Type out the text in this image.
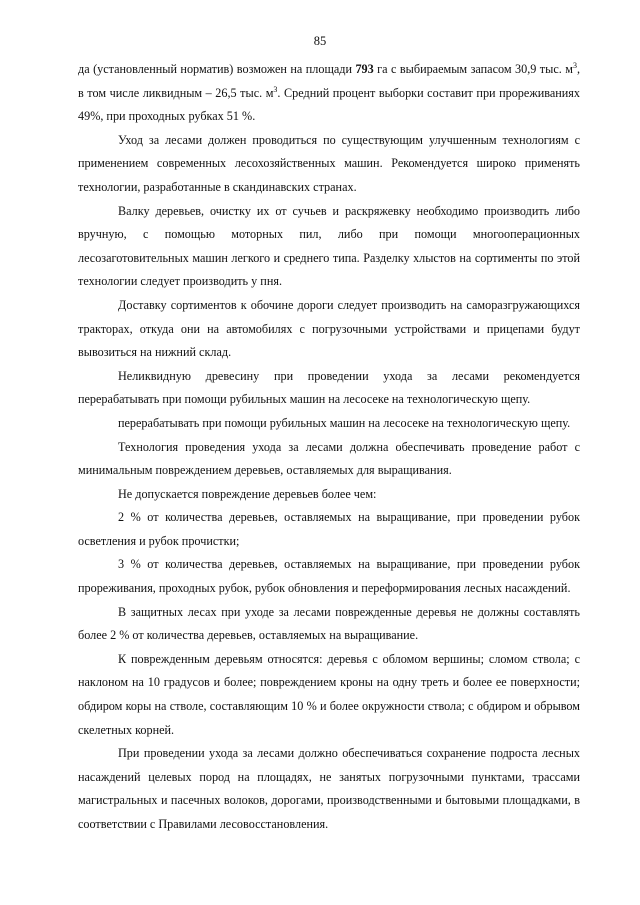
85

да (установленный норматив) возможен на площади 793 га с выбираемым запасом 30,9 тыс. $м^3$, в том числе ликвидным – 26,5 тыс. $м^3$. Средний процент выборки составит при прореживаниях 49%, при проходных рубках 51 %.

Уход за лесами должен проводиться по существующим улучшенным технологиям с применением современных лесохозяйственных машин. Рекомендуется широко применять технологии, разработанные в скандинавских странах.

Валку деревьев, очистку их от сучьев и раскряжевку необходимо производить либо вручную, с помощью моторных пил, либо при помощи многооперационных лесозаготовительных машин легкого и среднего типа. Разделку хлыстов на сортименты по этой технологии следует производить у пня.

Доставку сортиментов к обочине дороги следует производить на саморазгружающихся тракторах, откуда они на автомобилях с погрузочными устройствами и прицепами будут вывозиться на нижний склад.

Неликвидную древесину при проведении ухода за лесами рекомендуется перерабатывать при помощи рубильных машин на лесосеке на технологическую щепу.

перерабатывать при помощи рубильных машин на лесосеке на технологическую щепу.

Технология проведения ухода за лесами должна обеспечивать проведение работ с минимальным повреждением деревьев, оставляемых для выращивания.

Не допускается повреждение деревьев более чем:

2 % от количества деревьев, оставляемых на выращивание, при проведении рубок осветления и рубок прочистки;

3 % от количества деревьев, оставляемых на выращивание, при проведении рубок прореживания, проходных рубок, рубок обновления и переформирования лесных насаждений.

В защитных лесах при уходе за лесами поврежденные деревья не должны составлять более 2 % от количества деревьев, оставляемых на выращивание.

К поврежденным деревьям относятся: деревья с обломом вершины; сломом ствола; с наклоном на 10 градусов и более; повреждением кроны на одну треть и более ее поверхности; обдиром коры на стволе, составляющим 10 % и более окружности ствола; с обдиром и обрывом скелетных корней.

При проведении ухода за лесами должно обеспечиваться сохранение подроста лесных насаждений целевых пород на площадях, не занятых погрузочными пунктами, трассами магистральных и пасечных волоков, дорогами, производственными и бытовыми площадками, в соответствии с Правилами лесовосстановления.
